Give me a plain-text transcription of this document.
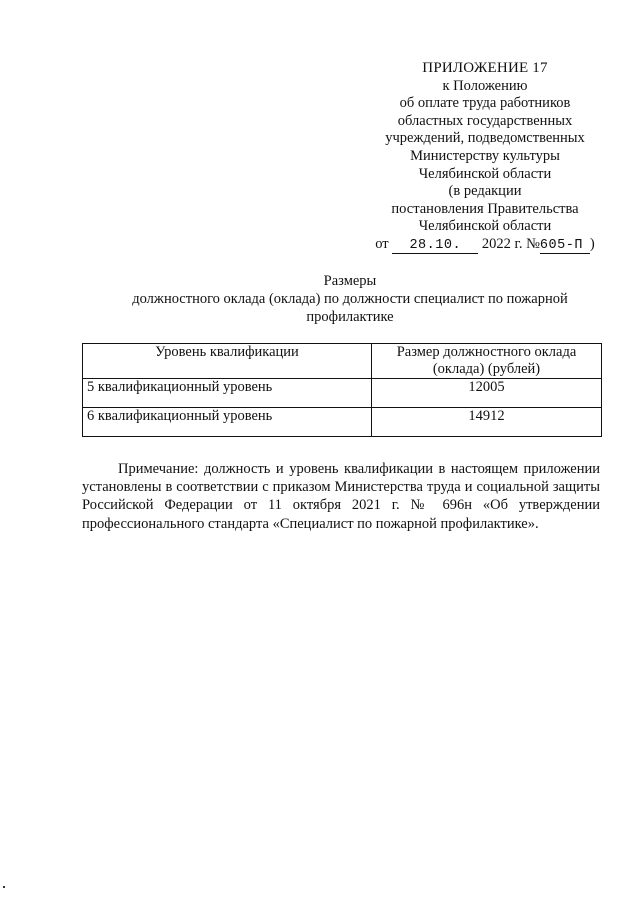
ПРИЛОЖЕНИЕ 17
к Положению
об оплате труда работников
областных государственных
учреждений, подведомственных
Министерству культуры
Челябинской области
(в редакции
постановления Правительства
Челябинской области
от 28.10. 2022 г. №605-П )
Размеры
должностного оклада (оклада) по должности специалист по пожарной
профилактике
Уровень квалификации	Размер должностного оклада (оклада) (рублей)
5 квалификационный уровень	12005
6 квалификационный уровень	14912
Примечание: должность и уровень квалификации в настоящем приложении установлены в соответствии с приказом Министерства труда и социальной защиты Российской Федерации от 11 октября 2021 г. № 696н «Об утверждении профессионального стандарта «Специалист по пожарной профилактике».
